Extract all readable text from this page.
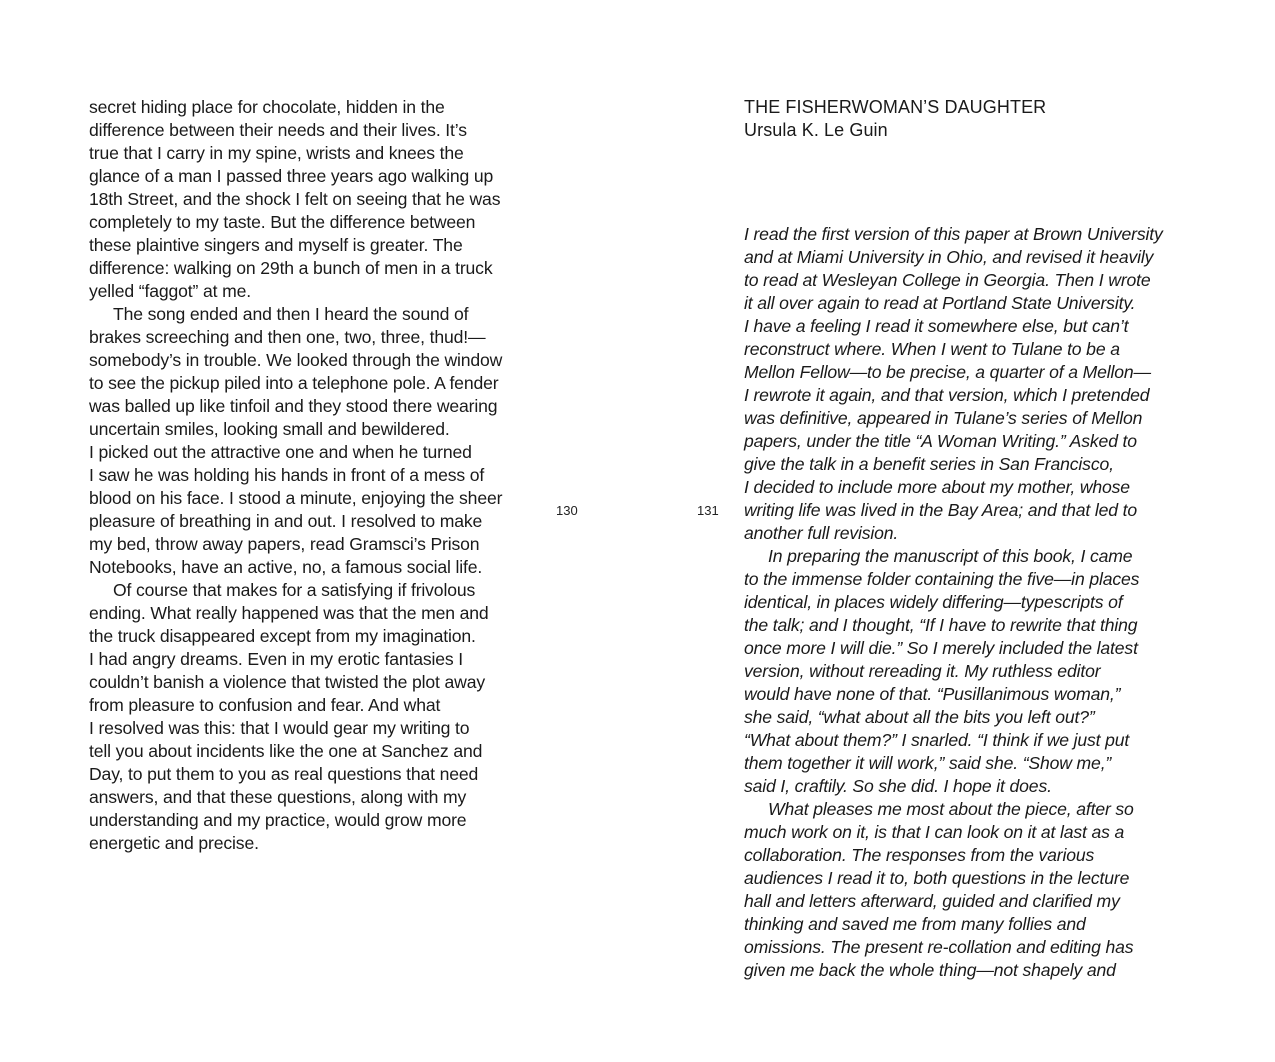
secret hiding place for chocolate, hidden in the
difference between their needs and their lives. It’s
true that I carry in my spine, wrists and knees the
glance of a man I passed three years ago walking up
18th Street, and the shock I felt on seeing that he was
completely to my taste. But the difference between
these plaintive singers and myself is greater. The
difference: walking on 29th a bunch of men in a truck
yelled “faggot” at me.
The song ended and then I heard the sound of
brakes screeching and then one, two, three, thud!—
somebody’s in trouble. We looked through the window
to see the pickup piled into a telephone pole. A fender
was balled up like tinfoil and they stood there wearing
uncertain smiles, looking small and bewildered.
I picked out the attractive one and when he turned
I saw he was holding his hands in front of a mess of
blood on his face. I stood a minute, enjoying the sheer
pleasure of breathing in and out. I resolved to make
my bed, throw away papers, read Gramsci’s Prison
Notebooks, have an active, no, a famous social life.
Of course that makes for a satisfying if frivolous
ending. What really happened was that the men and
the truck disappeared except from my imagination.
I had angry dreams. Even in my erotic fantasies I
couldn’t banish a violence that twisted the plot away
from pleasure to confusion and fear. And what
I resolved was this: that I would gear my writing to
tell you about incidents like the one at Sanchez and
Day, to put them to you as real questions that need
answers, and that these questions, along with my
understanding and my practice, would grow more
energetic and precise.
130	131
THE FISHERWOMAN’S DAUGHTER
Ursula K. Le Guin
I read the first version of this paper at Brown University
and at Miami University in Ohio, and revised it heavily
to read at Wesleyan College in Georgia. Then I wrote
it all over again to read at Portland State University.
I have a feeling I read it somewhere else, but can’t
reconstruct where. When I went to Tulane to be a
Mellon Fellow—to be precise, a quarter of a Mellon—
I rewrote it again, and that version, which I pretended
was definitive, appeared in Tulane’s series of Mellon
papers, under the title “A Woman Writing.” Asked to
give the talk in a benefit series in San Francisco,
I decided to include more about my mother, whose
writing life was lived in the Bay Area; and that led to
another full revision.
In preparing the manuscript of this book, I came
to the immense folder containing the five—in places
identical, in places widely differing—typescripts of
the talk; and I thought, “If I have to rewrite that thing
once more I will die.” So I merely included the latest
version, without rereading it. My ruthless editor
would have none of that. “Pusillanimous woman,”
she said, “what about all the bits you left out?”
“What about them?” I snarled. “I think if we just put
them together it will work,” said she. “Show me,”
said I, craftily. So she did. I hope it does.
What pleases me most about the piece, after so
much work on it, is that I can look on it at last as a
collaboration. The responses from the various
audiences I read it to, both questions in the lecture
hall and letters afterward, guided and clarified my
thinking and saved me from many follies and
omissions. The present re-collation and editing has
given me back the whole thing—not shapely and
